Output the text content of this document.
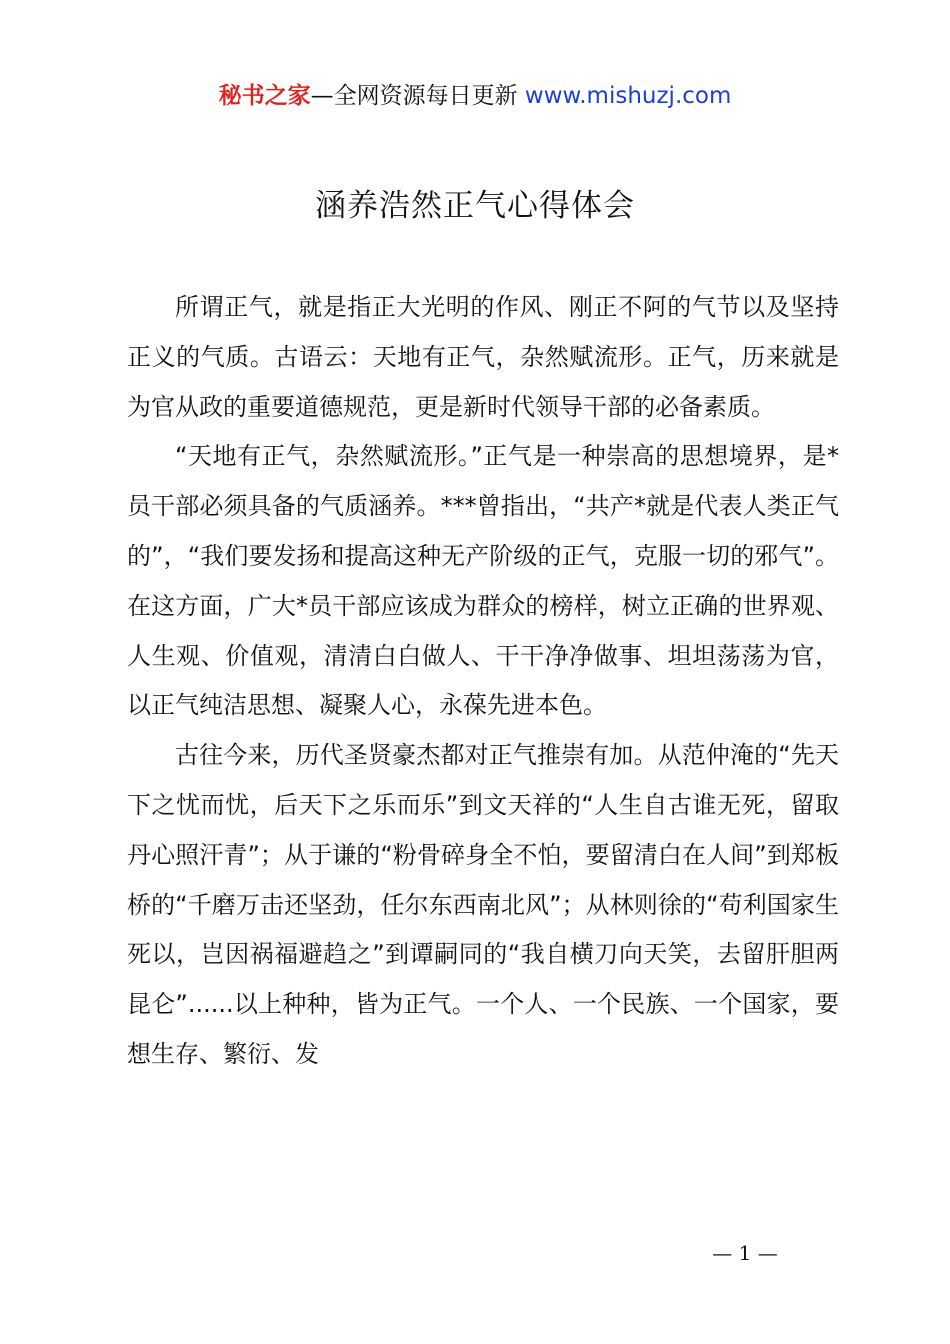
秘书之家—全网资源每日更新 www.mishuzj.com
涵养浩然正气心得体会

所谓正气，就是指正大光明的作风、刚正不阿的气节以及坚持正义的气质。古语云：天地有正气，杂然赋流形。正气，历来就是为官从政的重要道德规范，更是新时代领导干部的必备素质。

“天地有正气，杂然赋流形。”正气是一种崇高的思想境界，是*员干部必须具备的气质涵养。***曾指出，“共产*就是代表人类正气的”，“我们要发扬和提高这种无产阶级的正气，克服一切的邪气”。在这方面，广大*员干部应该成为群众的榜样，树立正确的世界观、人生观、价值观，清清白白做人、干干净净做事、坦坦荡荡为官，以正气纯洁思想、凝聚人心，永葆先进本色。

古往今来，历代圣贤豪杰都对正气推崇有加。从范仲淹的“先天下之忧而忧，后天下之乐而乐”到文天祥的“人生自古谁无死，留取丹心照汗青”；从于谦的“粉骨碎身全不怕，要留清白在人间”到郑板桥的“千磨万击还坚劲，任尔东西南北风”；从林则徐的“苟利国家生死以，岂因祸福避趋之”到谭嗣同的“我自横刀向天笑，去留肝胆两昆仑”......以上种种，皆为正气。一个人、一个民族、一个国家，要想生存、繁衍、发

— 1 —
